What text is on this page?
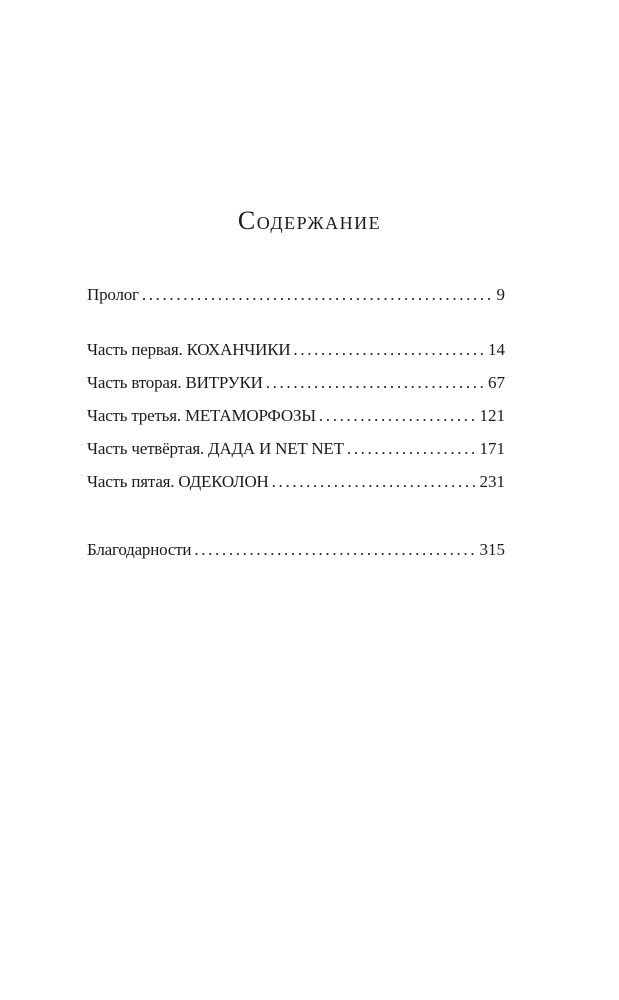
Содержание
Пролог . . .	9
Часть первая. КОХАНЧИКИ . . .	14
Часть вторая. ВИТРУКИ . . .	67
Часть третья. МЕТАМОРФОЗЫ . . .	121
Часть четвёртая. ДАДА И NET NET . . .	171
Часть пятая. ОДЕКОЛОН . . .	231
Благодарности . . .	315
